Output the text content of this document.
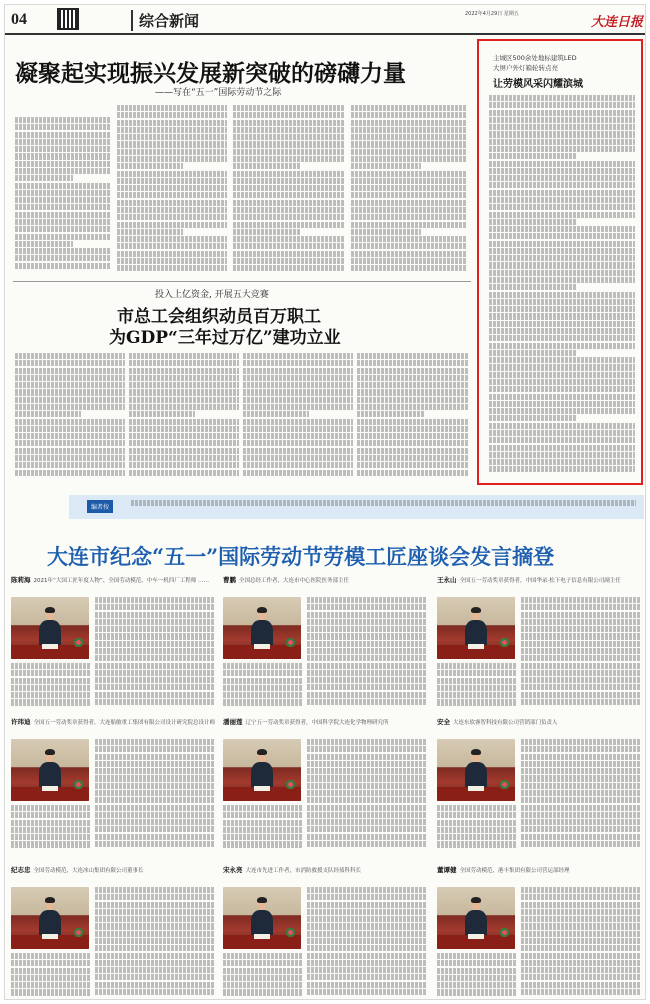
04	综合新闻	2022年4月29日 星期五
大连日报
凝聚起实现振兴发展新突破的磅礴力量
——写在“五一”国际劳动节之际
投入上亿资金, 开展五大竞赛
市总工会组织动员百万职工
为GDP“三年过万亿”建功立业
主城区500余处地标建筑LED
大屏户外灯箱轮转点亮
让劳模风采闪耀滨城
编者按
大连市纪念“五一”国际劳动节劳模工匠座谈会发言摘登
陈莉海 2021年“大国工匠年度人物”、全国劳动模范、中车一机四厂工程师 ……	曹鹏 全国总经工作者，大连市中心医院医务部主任	王永山 全国五一劳动奖章获得者，中国华录·松下电子信息有限公司副主任
许玮迪 全国五一劳动奖章获得者，大连船舶重工集团有限公司设计研究院总设计师 潘丽莲 辽宁五一劳动奖章获得者，中国科学院大连化学物理研究所	安全 大连东软睿智科技有限公司营销部门负责人
纪志忠 全国劳动模范，大连冰山集团有限公司董事长	宋永亮 大连市先进工作者，市消防救援支队经侦科科长	董谭健 全国劳动模范，港丰集团有限公司营运部经理
